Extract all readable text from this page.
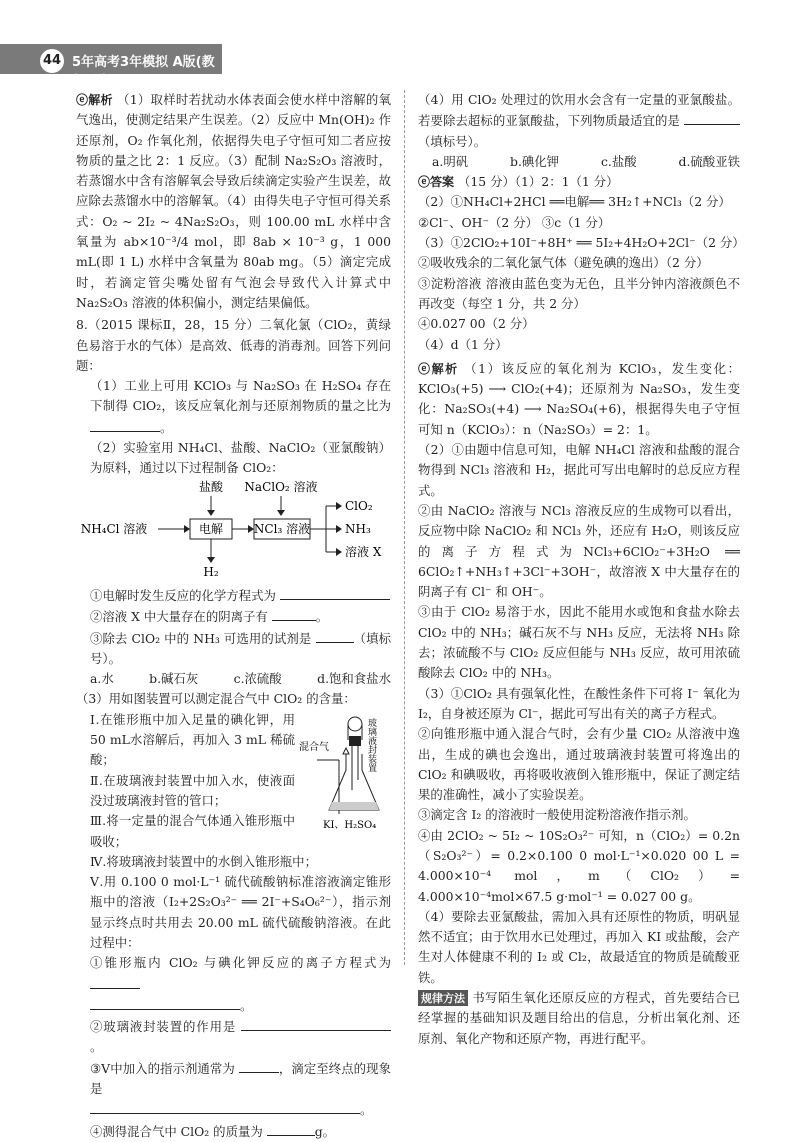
44 5年高考3年模拟 A版(教师用书)

ⓔ解析 （1）取样时若扰动水体表面会使水样中溶解的氧气逸出，使测定结果产生误差。（2）反应中 Mn(OH)₂ 作还原剂，O₂ 作氧化剂，依据得失电子守恒可知二者应按物质的量之比 2：1 反应。（3）配制 Na₂S₂O₃ 溶液时，若蒸馏水中含有溶解氧会导致后续滴定实验产生误差，故应除去蒸馏水中的溶解氧。（4）由得失电子守恒可得关系式：O₂ ~ 2I₂ ~ 4Na₂S₂O₃，则 100.00 mL 水样中含氧量为 ab×10⁻³/4 mol，即 8ab × 10⁻³ g，1 000 mL(即 1 L) 水样中含氧量为 80ab mg。（5）滴定完成时，若滴定管尖嘴处留有气泡会导致代入计算式中 Na₂S₂O₃ 溶液的体积偏小，测定结果偏低。

8.（2015 课标Ⅱ，28，15 分）二氧化氯（ClO₂，黄绿色易溶于水的气体）是高效、低毒的消毒剂。回答下列问题：

（1）工业上可用 KClO₃ 与 Na₂SO₃ 在 H₂SO₄ 存在下制得 ClO₂，该反应氧化剂与还原剂物质的量之比为 。

（2）实验室用 NH₄Cl、盐酸、NaClO₂（亚氯酸钠）为原料，通过以下过程制备 ClO₂：

盐酸 NaClO₂ 溶液
NH₄Cl 溶液	电解	NCl₃ 溶液
ClO₂
NH₃
溶液 X
H₂

①电解时发生反应的化学方程式为

②溶液 X 中大量存在的阴离子有	。

③除去 ClO₂ 中的 NH₃ 可选用的试剂是	（填标号）。

a.水	b.碱石灰	c.浓硫酸	d.饱和食盐水

（3）用如图装置可以测定混合气中 ClO₂ 的含量：

混合气	玻璃液封装置
KI、H₂SO₄

Ⅰ.在锥形瓶中加入足量的碘化钾，用50 mL水溶解后，再加入 3 mL 稀硫酸；

Ⅱ.在玻璃液封装置中加入水，使液面没过玻璃液封管的管口；

Ⅲ.将一定量的混合气体通入锥形瓶中吸收；

Ⅳ.将玻璃液封装置中的水倒入锥形瓶中；

Ⅴ.用 0.100 0 mol·L⁻¹ 硫代硫酸钠标准溶液滴定锥形瓶中的溶液（I₂+2S₂O₃²⁻ ══ 2I⁻+S₄O₆²⁻），指示剂显示终点时共用去 20.00 mL 硫代硫酸钠溶液。在此过程中：

①锥形瓶内 ClO₂ 与碘化钾反应的离子方程式为
。

②玻璃液封装置的作用是 。

③Ⅴ中加入的指示剂通常为	，滴定至终点的现象是
。

④测得混合气中 ClO₂ 的质量为	g。

（4）用 ClO₂ 处理过的饮用水会含有一定量的亚氯酸盐。若要除去超标的亚氯酸盐，下列物质最适宜的是 （填标号）。

a.明矾	b.碘化钾	c.盐酸	d.硫酸亚铁

ⓔ答案 （15 分）（1）2：1（1 分）

（2）①NH₄Cl+2HCl ══电解══ 3H₂↑+NCl₃（2 分）

②Cl⁻、OH⁻（2 分） ③c（1 分）

（3）①2ClO₂+10I⁻+8H⁺ ══ 5I₂+4H₂O+2Cl⁻（2 分）

②吸收残余的二氧化氯气体（避免碘的逸出）（2 分）

③淀粉溶液 溶液由蓝色变为无色，且半分钟内溶液颜色不再改变（每空 1 分，共 2 分）

④0.027 00（2 分）

（4）d（1 分）

ⓔ解析 （1）该反应的氧化剂为 KClO₃，发生变化：KClO₃(+5) ⟶ ClO₂(+4)；还原剂为 Na₂SO₃，发生变化：Na₂SO₃(+4) ⟶ Na₂SO₄(+6)，根据得失电子守恒可知 n（KClO₃）：n（Na₂SO₃）= 2：1。

（2）①由题中信息可知，电解 NH₄Cl 溶液和盐酸的混合物得到 NCl₃ 溶液和 H₂，据此可写出电解时的总反应方程式。

②由 NaClO₂ 溶液与 NCl₃ 溶液反应的生成物可以看出，反应物中除 NaClO₂ 和 NCl₃ 外，还应有 H₂O，则该反应的离子方程式为NCl₃+6ClO₂⁻+3H₂O ══ 6ClO₂↑+NH₃↑+3Cl⁻+3OH⁻，故溶液 X 中大量存在的阴离子有 Cl⁻ 和 OH⁻。

③由于 ClO₂ 易溶于水，因此不能用水或饱和食盐水除去 ClO₂ 中的 NH₃；碱石灰不与 NH₃ 反应，无法将 NH₃ 除去；浓硫酸不与 ClO₂ 反应但能与 NH₃ 反应，故可用浓硫酸除去 ClO₂ 中的 NH₃。

（3）①ClO₂ 具有强氧化性，在酸性条件下可将 I⁻ 氧化为 I₂，自身被还原为 Cl⁻，据此可写出有关的离子方程式。

②向锥形瓶中通入混合气时，会有少量 ClO₂ 从溶液中逸出，生成的碘也会逸出，通过玻璃液封装置可将逸出的 ClO₂ 和碘吸收，再将吸收液倒入锥形瓶中，保证了测定结果的准确性，减小了实验误差。

③滴定含 I₂ 的溶液时一般使用淀粉溶液作指示剂。

④由 2ClO₂ ~ 5I₂ ~ 10S₂O₃²⁻ 可知，n（ClO₂）= 0.2n（S₂O₃²⁻）= 0.2×0.100 0 mol·L⁻¹×0.020 00 L = 4.000×10⁻⁴ mol，m（ClO₂）= 4.000×10⁻⁴mol×67.5 g·mol⁻¹ = 0.027 00 g。

（4）要除去亚氯酸盐，需加入具有还原性的物质，明矾显然不适宜；由于饮用水已处理过，再加入 KI 或盐酸，会产生对人体健康不利的 I₂ 或 Cl₂，故最适宜的物质是硫酸亚铁。

规律方法 书写陌生氧化还原反应的方程式，首先要结合已经掌握的基础知识及题目给出的信息，分析出氧化剂、还原剂、氧化产物和还原产物，再进行配平。
